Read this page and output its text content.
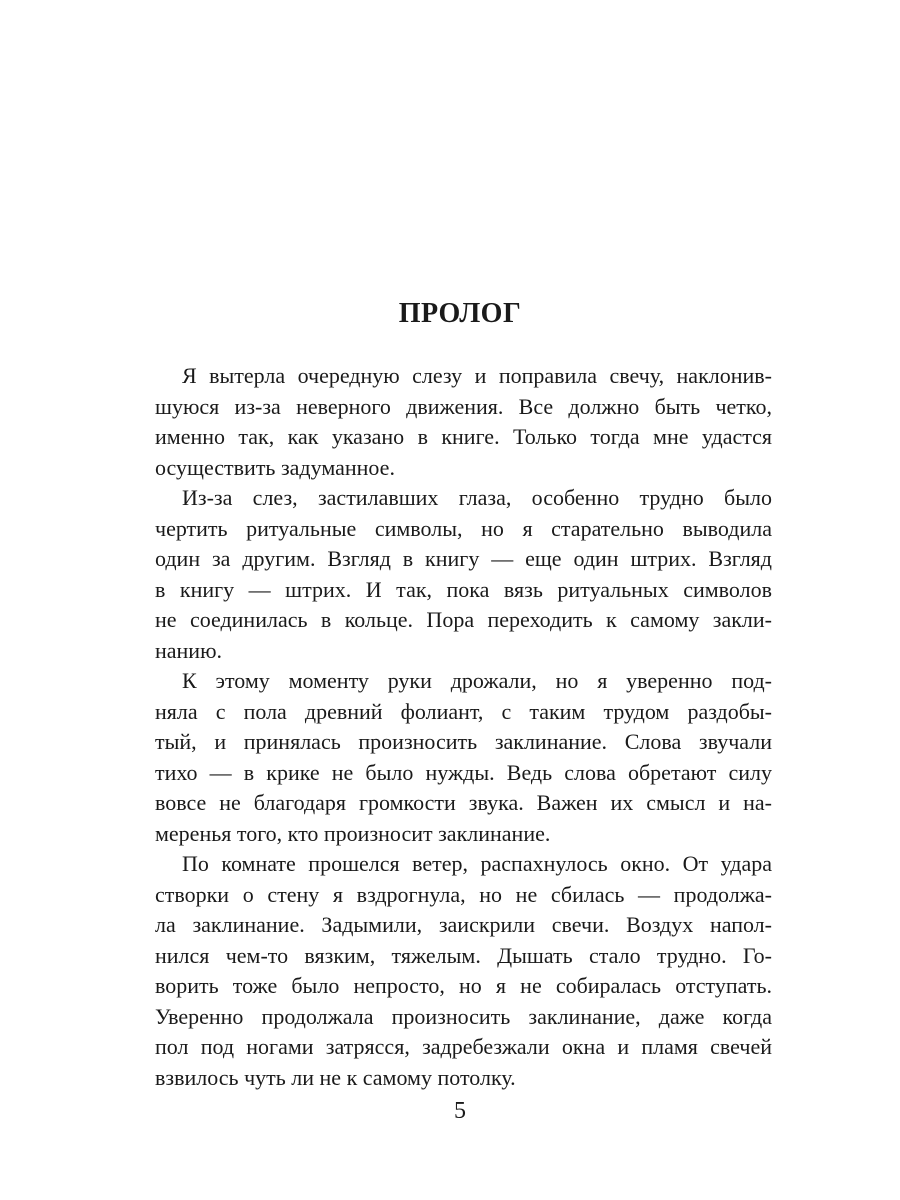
ПРОЛОГ
Я вытерла очередную слезу и поправила свечу, наклонив-
шуюся из-за неверного движения. Все должно быть четко,
именно так, как указано в книге. Только тогда мне удастся
осуществить задуманное.
Из-за слез, застилавших глаза, особенно трудно было
чертить ритуальные символы, но я старательно выводила
один за другим. Взгляд в книгу — еще один штрих. Взгляд
в книгу — штрих. И так, пока вязь ритуальных символов
не соединилась в кольце. Пора переходить к самому закли-
нанию.
К этому моменту руки дрожали, но я уверенно под-
няла с пола древний фолиант, с таким трудом раздобы-
тый, и принялась произносить заклинание. Слова звучали
тихо — в крике не было нужды. Ведь слова обретают силу
вовсе не благодаря громкости звука. Важен их смысл и на-
меренья того, кто произносит заклинание.
По комнате прошелся ветер, распахнулось окно. От удара
створки о стену я вздрогнула, но не сбилась — продолжа-
ла заклинание. Задымили, заискрили свечи. Воздух напол-
нился чем-то вязким, тяжелым. Дышать стало трудно. Го-
ворить тоже было непросто, но я не собиралась отступать.
Уверенно продолжала произносить заклинание, даже когда
пол под ногами затрясся, задребезжали окна и пламя свечей
взвилось чуть ли не к самому потолку.
5
